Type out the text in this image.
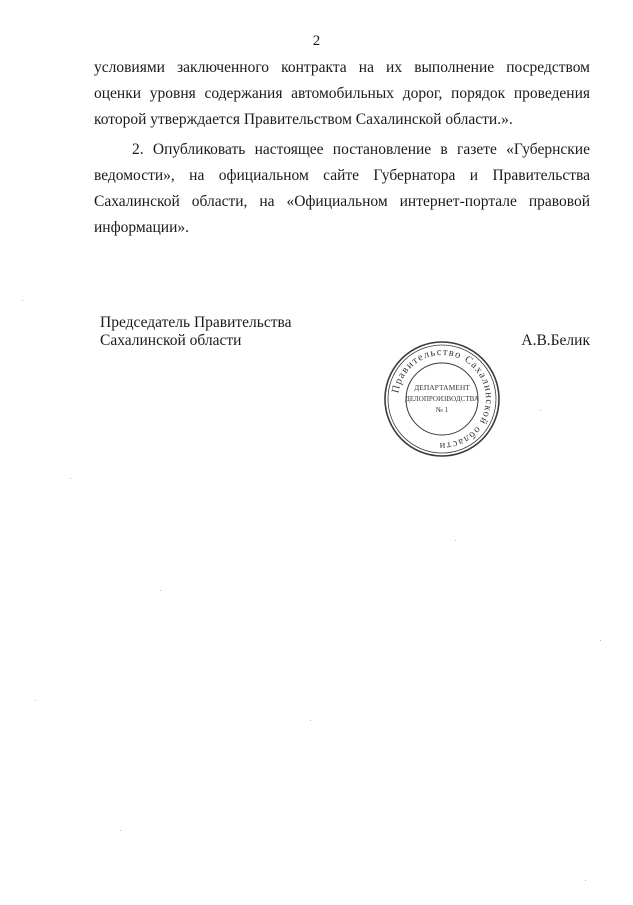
2

условиями заключенного контракта на их выполнение посредством оценки уровня содержания автомобильных дорог, порядок проведения которой утверждается Правительством Сахалинской области.».

2. Опубликовать настоящее постановление в газете «Губернские ведомости», на официальном сайте Губернатора и Правительства Сахалинской области, на «Официальном интернет-портале правовой информации».

Председатель Правительства
Сахалинской области	А.В.Белик
Правительство Сахалинской области
ДЕПАРТАМЕНТ
ДЕЛОПРОИЗВОДСТВА
№ 1
